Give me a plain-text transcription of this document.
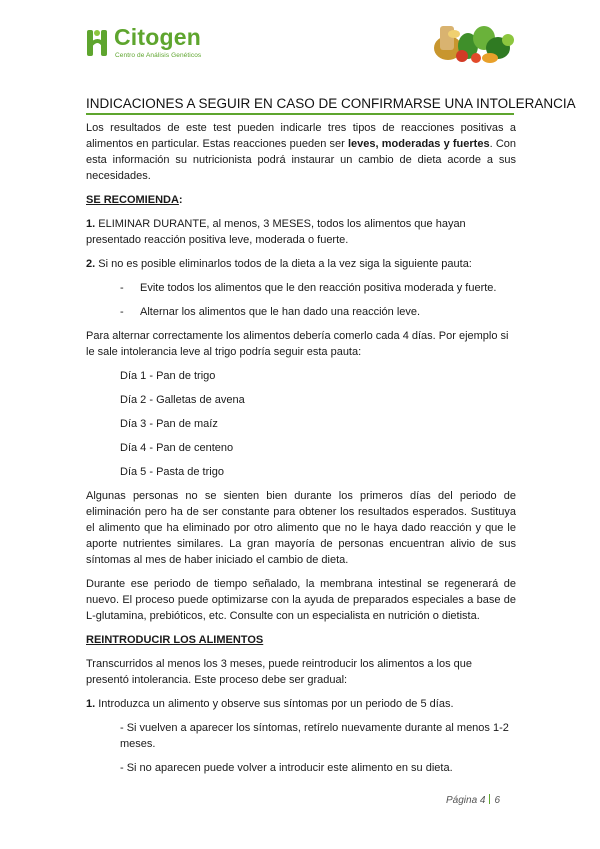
Citogen
Centro de Análisis Genéticos
INDICACIONES A SEGUIR EN CASO DE CONFIRMARSE UNA INTOLERANCIA

Los resultados de este test pueden indicarle tres tipos de reacciones positivas a alimentos en particular. Estas reacciones pueden ser leves, moderadas y fuertes. Con esta información su nutricionista podrá instaurar un cambio de dieta acorde a sus necesidades.

SE RECOMIENDA:

1. ELIMINAR DURANTE, al menos, 3 MESES, todos los alimentos que hayan presentado reacción positiva leve, moderada o fuerte.

2. Si no es posible eliminarlos todos de la dieta a la vez siga la siguiente pauta:

- Evite todos los alimentos que le den reacción positiva moderada y fuerte.
- Alternar los alimentos que le han dado una reacción leve.

Para alternar correctamente los alimentos debería comerlo cada 4 días. Por ejemplo si le sale intolerancia leve al trigo podría seguir esta pauta:

Día 1 - Pan de trigo
Día 2 - Galletas de avena
Día 3 - Pan de maíz
Día 4 - Pan de centeno
Día 5 - Pasta de trigo

Algunas personas no se sienten bien durante los primeros días del periodo de eliminación pero ha de ser constante para obtener los resultados esperados. Sustituya el alimento que ha eliminado por otro alimento que no le haya dado reacción y que le aporte nutrientes similares. La gran mayoría de personas encuentran alivio de sus síntomas al mes de haber iniciado el cambio de dieta.

Durante ese periodo de tiempo señalado, la membrana intestinal se regenerará de nuevo. El proceso puede optimizarse con la ayuda de preparados especiales a base de L-glutamina, prebióticos, etc. Consulte con un especialista en nutrición o dietista.

REINTRODUCIR LOS ALIMENTOS

Transcurridos al menos los 3 meses, puede reintroducir los alimentos a los que presentó intolerancia. Este proceso debe ser gradual:

1. Introduzca un alimento y observe sus síntomas por un periodo de 5 días.

- Si vuelven a aparecer los síntomas, retírelo nuevamente durante al menos 1-2 meses.

- Si no aparecen puede volver a introducir este alimento en su dieta.

Página 4 6
